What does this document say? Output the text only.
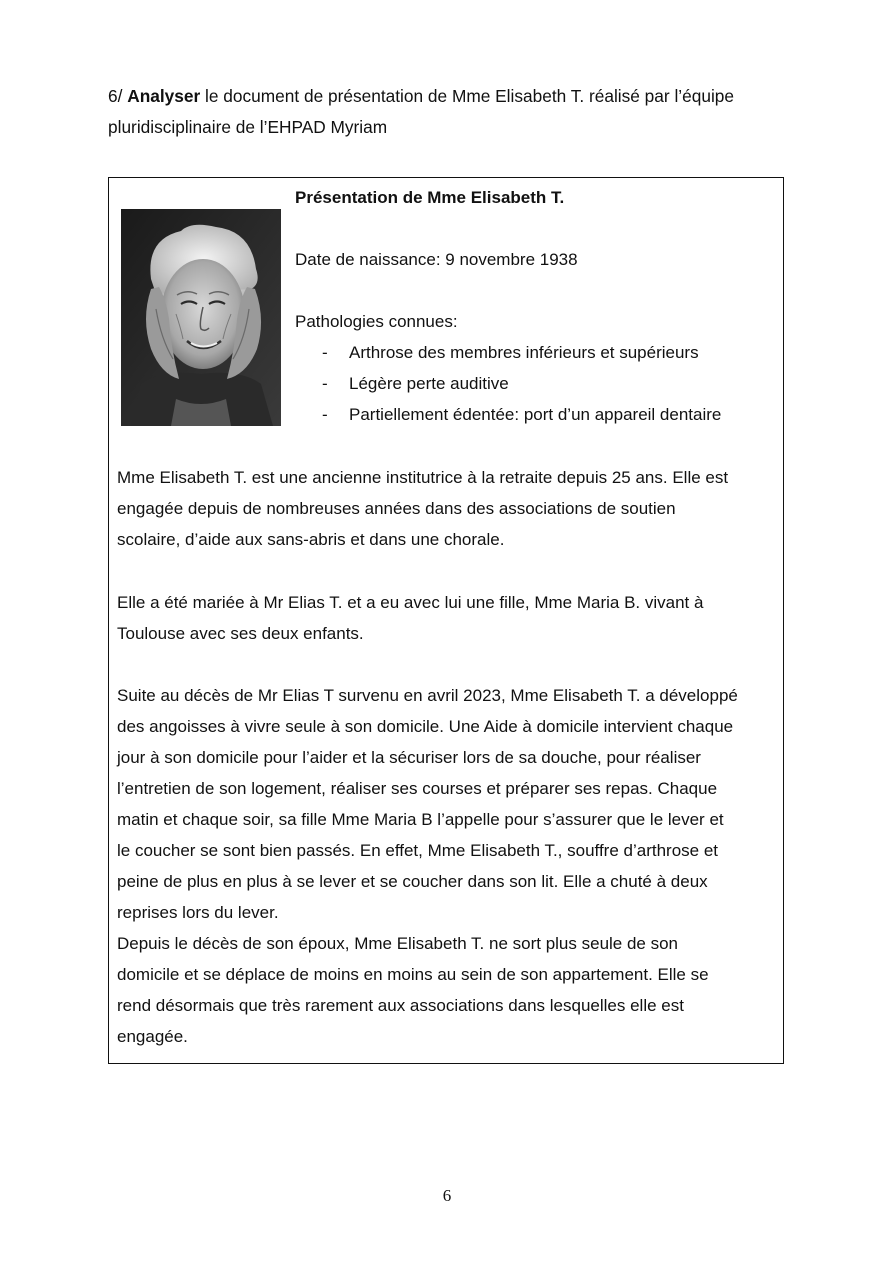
6/ Analyser le document de présentation de Mme Elisabeth T. réalisé par l’équipe
pluridisciplinaire de l’EHPAD Myriam
Présentation de Mme Elisabeth T.
Date de naissance: 9 novembre 1938
Pathologies connues:
- Arthrose des membres inférieurs et supérieurs
- Légère perte auditive
- Partiellement édentée: port d’un appareil dentaire
Mme Elisabeth T. est une ancienne institutrice à la retraite depuis 25 ans. Elle est
engagée depuis de nombreuses années dans des associations de soutien
scolaire, d’aide aux sans-abris et dans une chorale.
Elle a été mariée à Mr Elias T. et a eu avec lui une fille, Mme Maria B. vivant à
Toulouse avec ses deux enfants.
Suite au décès de Mr Elias T survenu en avril 2023, Mme Elisabeth T. a développé
des angoisses à vivre seule à son domicile. Une Aide à domicile intervient chaque
jour à son domicile pour l’aider et la sécuriser lors de sa douche, pour réaliser
l’entretien de son logement, réaliser ses courses et préparer ses repas. Chaque
matin et chaque soir, sa fille Mme Maria B l’appelle pour s’assurer que le lever et
le coucher se sont bien passés. En effet, Mme Elisabeth T., souffre d’arthrose et
peine de plus en plus à se lever et se coucher dans son lit. Elle a chuté à deux
reprises lors du lever.
Depuis le décès de son époux, Mme Elisabeth T. ne sort plus seule de son
domicile et se déplace de moins en moins au sein de son appartement. Elle se
rend désormais que très rarement aux associations dans lesquelles elle est
engagée.
6
